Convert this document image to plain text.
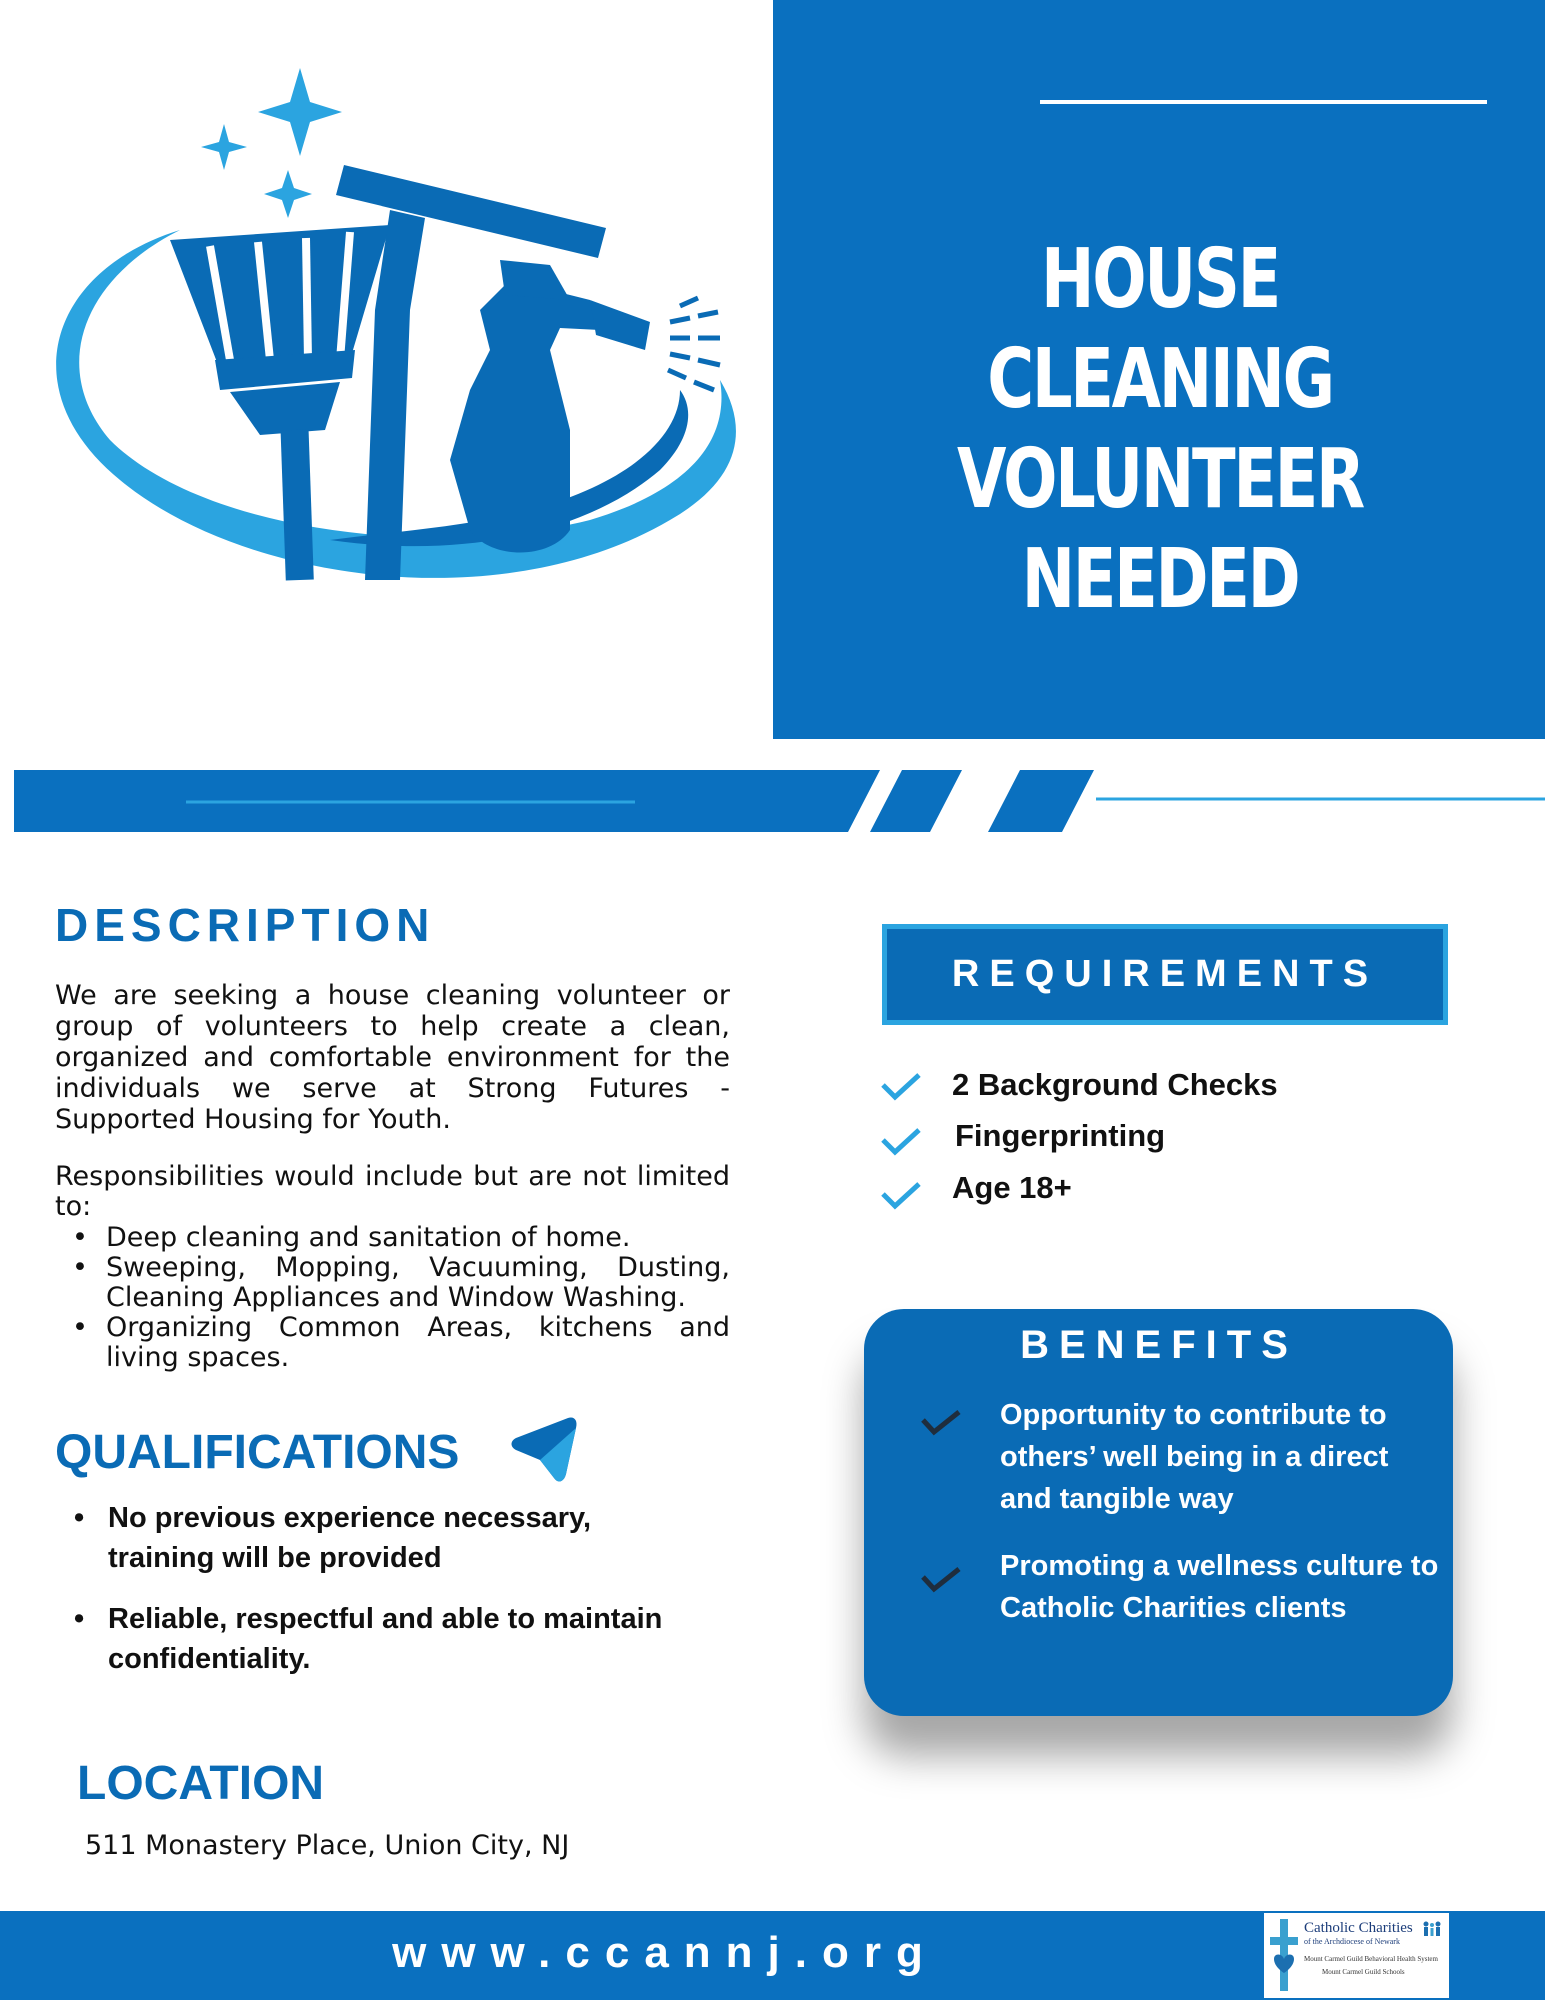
HOUSE CLEANING
VOLUNTEER
NEEDED
DESCRIPTION

We are seeking a house cleaning volunteer or group of volunteers to help create a clean, organized and comfortable environment for the individuals we serve at Strong Futures - Supported Housing for Youth.

Responsibilities would include but are not limited to:

• Deep cleaning and sanitation of home.
• Sweeping, Mopping, Vacuuming, Dusting, Cleaning Appliances and Window Washing.
• Organizing Common Areas, kitchens and living spaces.
QUALIFICATIONS
• No previous experience necessary, training will be provided
• Reliable, respectful and able to maintain confidentiality.
LOCATION
511 Monastery Place, Union City, NJ
REQUIREMENTS
2 Background Checks
Fingerprinting
Age 18+
BENEFITS
Opportunity to contribute to others’ well being in a direct and tangible way
Promoting a wellness culture to Catholic Charities clients
www.ccannj.org	Catholic Charities
of the Archdiocese of Newark
Mount Carmel Guild Behavioral Health System
Mount Carmel Guild Schools
